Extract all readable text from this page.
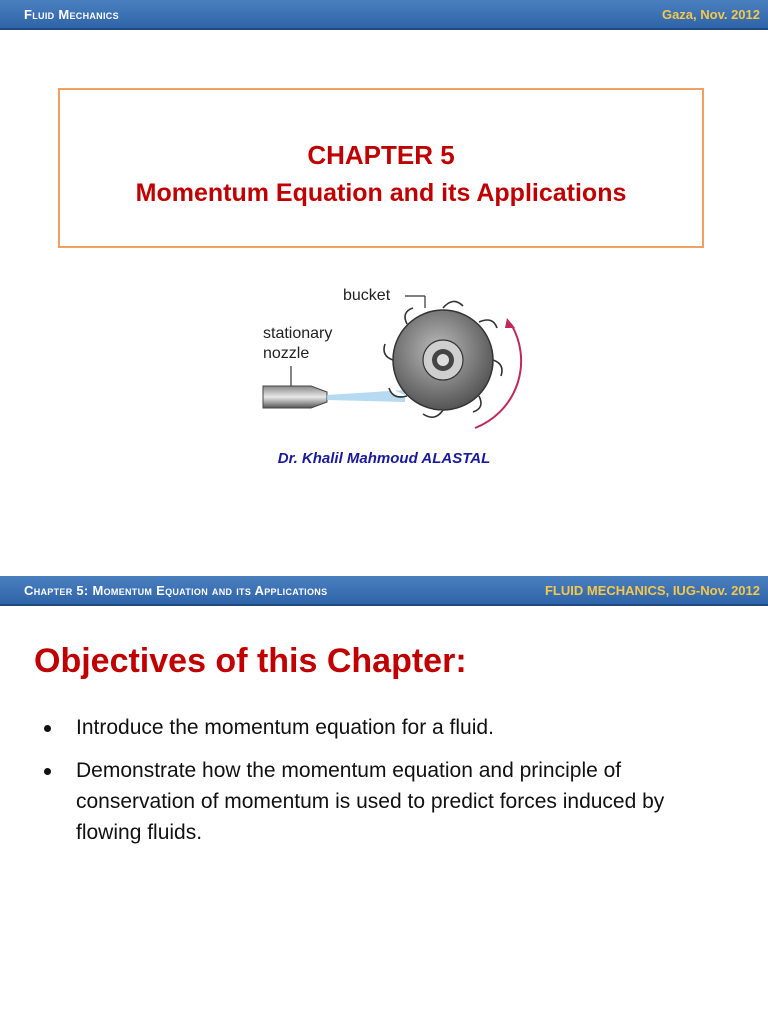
Fluid Mechanics	Gaza, Nov. 2012
CHAPTER 5
Momentum Equation and its Applications
bucket
stationary
nozzle
Dr. Khalil Mahmoud ALASTAL
Chapter 5: Momentum Equation and its Applications	FLUID MECHANICS, IUG-Nov. 2012
Objectives of this Chapter:
Introduce the momentum equation for a fluid.
Demonstrate how the momentum equation and principle of conservation of momentum is used to predict forces induced by flowing fluids.
